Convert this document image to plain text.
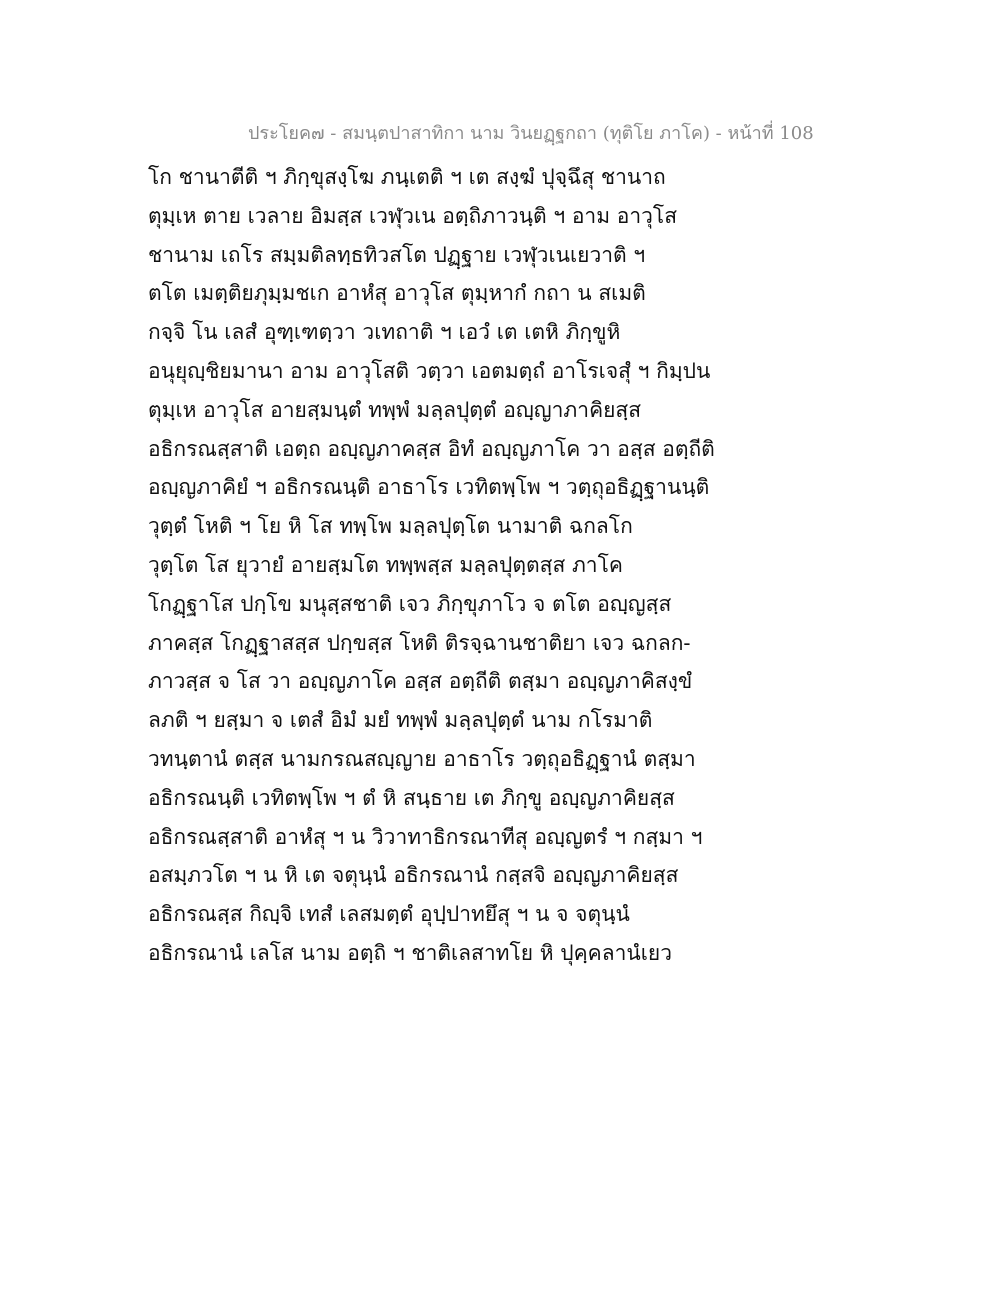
ประโยค๗ - สมนฺตปาสาทิกา นาม วินยฏฺฐกถา (ทุติโย ภาโค) - หน้าที่ 108
โก ชานาตีติ ฯ ภิกฺขุสงฺโฆ ภนฺเตติ ฯ เต สงฺฆํ ปุจฺฉึสุ ชานาถ
ตุมฺเห ตาย เวลาย อิมสฺส เวฬุวเน อตฺถิภาวนฺติ ฯ อาม อาวุโส
ชานาม เถโร สมฺมติลทฺธทิวสโต ปฏฺฐาย เวฬุวเนเยวาติ ฯ
ตโต เมตฺติยภุมฺมชเก อาหํสุ อาวุโส ตุมฺหากํ กถา น สเมติ
กจฺจิ โน เลสํ อุฑฺเฑตฺวา วเทถาติ ฯ เอวํ เต เตหิ ภิกฺขูหิ
อนุยุญฺชิยมานา อาม อาวุโสติ วตฺวา เอตมตฺถํ อาโรเจสุํ ฯ กิมฺปน
ตุมฺเห อาวุโส อายสฺมนฺตํ ทพฺพํ มลฺลปุตฺตํ อญฺญาภาคิยสฺส
อธิกรณสฺสาติ เอตฺถ อญฺญภาคสฺส อิทํ อญฺญภาโค วา อสฺส อตฺถีติ
อญฺญภาคิยํ ฯ อธิกรณนฺติ อาธาโร เวทิตพฺโพ ฯ วตฺถุอธิฏฺฐานนฺติ
วุตฺตํ โหติ ฯ โย หิ โส ทพฺโพ มลฺลปุตฺโต นามาติ ฉกลโก
วุตฺโต โส ยุวายํ อายสฺมโต ทพฺพสฺส มลฺลปุตฺตสฺส ภาโค
โกฏฺฐาโส ปกฺโข มนุสฺสชาติ เจว ภิกฺขุภาโว จ ตโต อญฺญสฺส
ภาคสฺส โกฏฺฐาสสฺส ปกฺขสฺส โหติ ติรจฺฉานชาติยา เจว ฉกลก-
ภาวสฺส จ โส วา อญฺญภาโค อสฺส อตฺถีติ ตสฺมา อญฺญภาคิสงฺขํ
ลภติ ฯ ยสฺมา จ เตสํ อิมํ มยํ ทพฺพํ มลฺลปุตฺตํ นาม กโรมาติ
วทนฺตานํ ตสฺส นามกรณสญฺญาย อาธาโร วตฺถุอธิฏฺฐานํ ตสฺมา
อธิกรณนฺติ เวทิตพฺโพ ฯ ตํ หิ สนฺธาย เต ภิกฺขู อญฺญภาคิยสฺส
อธิกรณสฺสาติ อาหํสุ ฯ น วิวาทาธิกรณาทีสุ อญฺญตรํ ฯ กสฺมา ฯ
อสมฺภวโต ฯ น หิ เต จตุนฺนํ อธิกรณานํ กสฺสจิ อญฺญภาคิยสฺส
อธิกรณสฺส กิญฺจิ เทสํ เลสมตฺตํ อุปฺปาทยึสุ ฯ น จ จตุนฺนํ
อธิกรณานํ เลโส นาม อตฺถิ ฯ ชาติเลสาทโย หิ ปุคฺคลานํเยว
